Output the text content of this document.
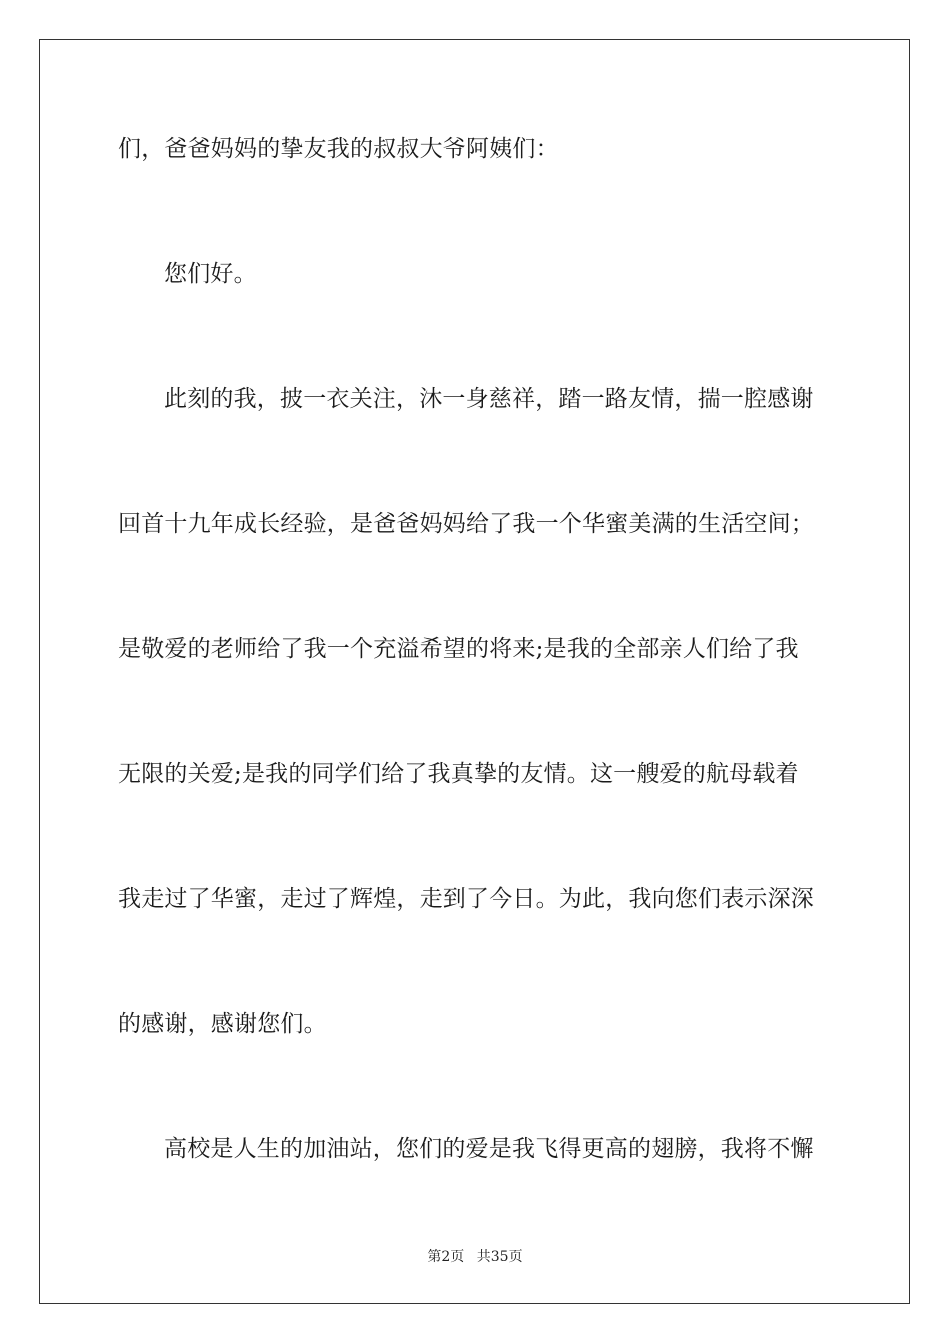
们，爸爸妈妈的挚友我的叔叔大爷阿姨们：
您们好。
此刻的我，披一衣关注，沐一身慈祥，踏一路友情，揣一腔感谢
回首十九年成长经验，是爸爸妈妈给了我一个华蜜美满的生活空间；
是敬爱的老师给了我一个充溢希望的将来;是我的全部亲人们给了我
无限的关爱;是我的同学们给了我真挚的友情。这一艘爱的航母载着
我走过了华蜜，走过了辉煌，走到了今日。为此，我向您们表示深深
的感谢，感谢您们。
高校是人生的加油站，您们的爱是我飞得更高的翅膀，我将不懈
第2页 共35页
